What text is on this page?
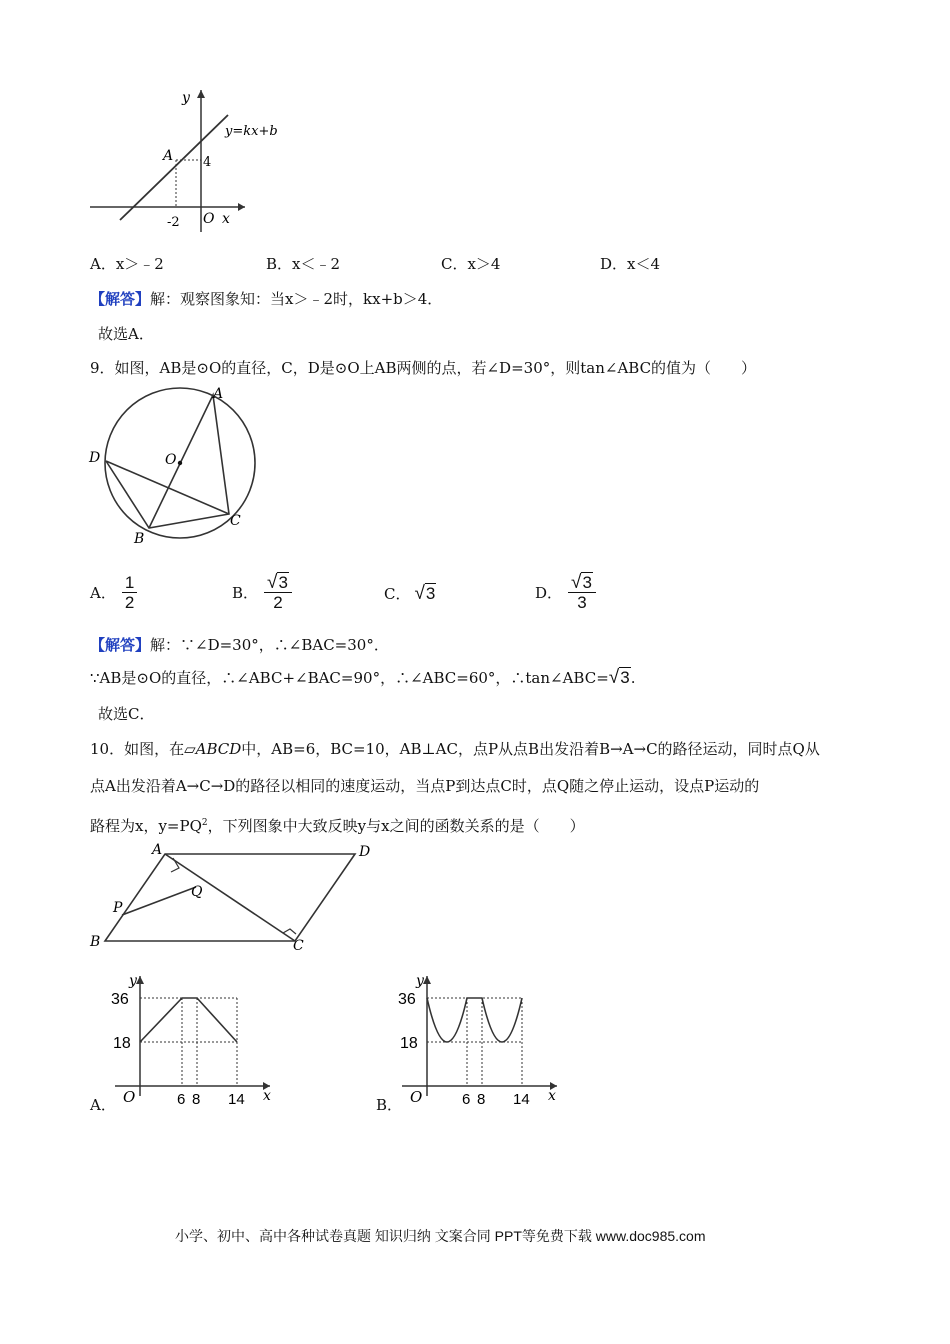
y
y=kx+b
A 4
-2 O x
A．x＞﹣2	B．x＜﹣2	C．x＞4	D．x＜4
【解答】解：观察图象知：当x＞﹣2时，kx+b＞4．
故选A．
9．如图，AB是⊙O的直径，C，D是⊙O上AB两侧的点，若∠D=30°，则tan∠ABC的值为（　　）
A
D	O
B
C
A． $\frac{1}{2}$	B． $\frac{√3}{2}$	C． √3	D． $\frac{√3}{3}$
【解答】解：∵∠D=30°，∴∠BAC=30°．
∵AB是⊙O的直径，∴∠ABC+∠BAC=90°，∴∠ABC=60°，∴tan∠ABC=√3.
故选C．
10．如图，在▱ABCD中，AB=6，BC=10，AB⊥AC，点P从点B出发沿着B→A→C的路径运动，同时点Q从
点A出发沿着A→C→D的路径以相同的速度运动，当点P到达点C时，点Q随之停止运动，设点P运动的
路程为x，$y=PQ^2$，下列图象中大致反映y与x之间的函数关系的是（　　）
A	D
B	C
P
Q
A．
y
36
18
O	6 8 14 x	B．
y
36
18
O	6 8 14 x
小学、初中、高中各种试卷真题 知识归纳 文案合同 PPT等免费下载 www.doc985.com
